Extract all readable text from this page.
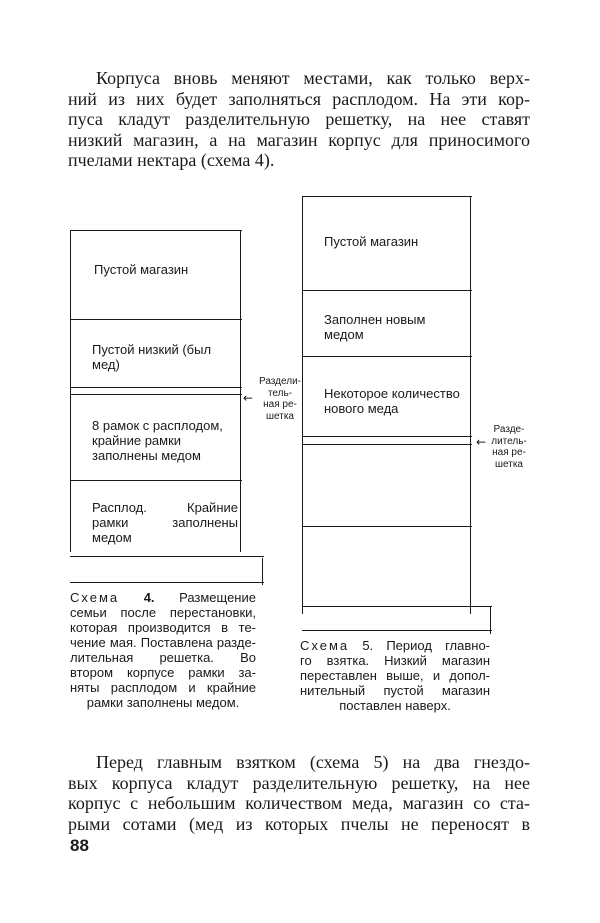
Корпуса вновь меняют местами, как только верх-
ний из них будет заполняться расплодом. На эти кор-
пуса кладут разделительную решетку, на нее ставят
низкий магазин, а на магазин корпус для приносимого
пчелами нектара (схема 4).

Пустой магазин

Пустой низкий (был мед)

8 рамок с расплодом, крайние рамки заполнены медом

Расплод. Крайние рамки заполнены медом

←
Раздели-
тель-
ная ре-
шетка
Схема 4. Размещение
семьи после перестановки,
которая производится в те-
чение мая. Поставлена разде-
лительная решетка. Во
втором корпусе рамки за-
няты расплодом и крайние
рамки заполнены медом.

Пустой магазин

Заполнен новым медом

Некоторое количество нового меда

←
Разде-
литель-
ная ре-
шетка
Схема 5. Период главно-
го взятка. Низкий магазин
переставлен выше, и допол-
нительный пустой магазин
поставлен наверх.
Перед главным взятком (схема 5) на два гнездо-
вых корпуса кладут разделительную решетку, на нее
корпус с небольшим количеством меда, магазин со ста-
рыми сотами (мед из которых пчелы не переносят в

88
